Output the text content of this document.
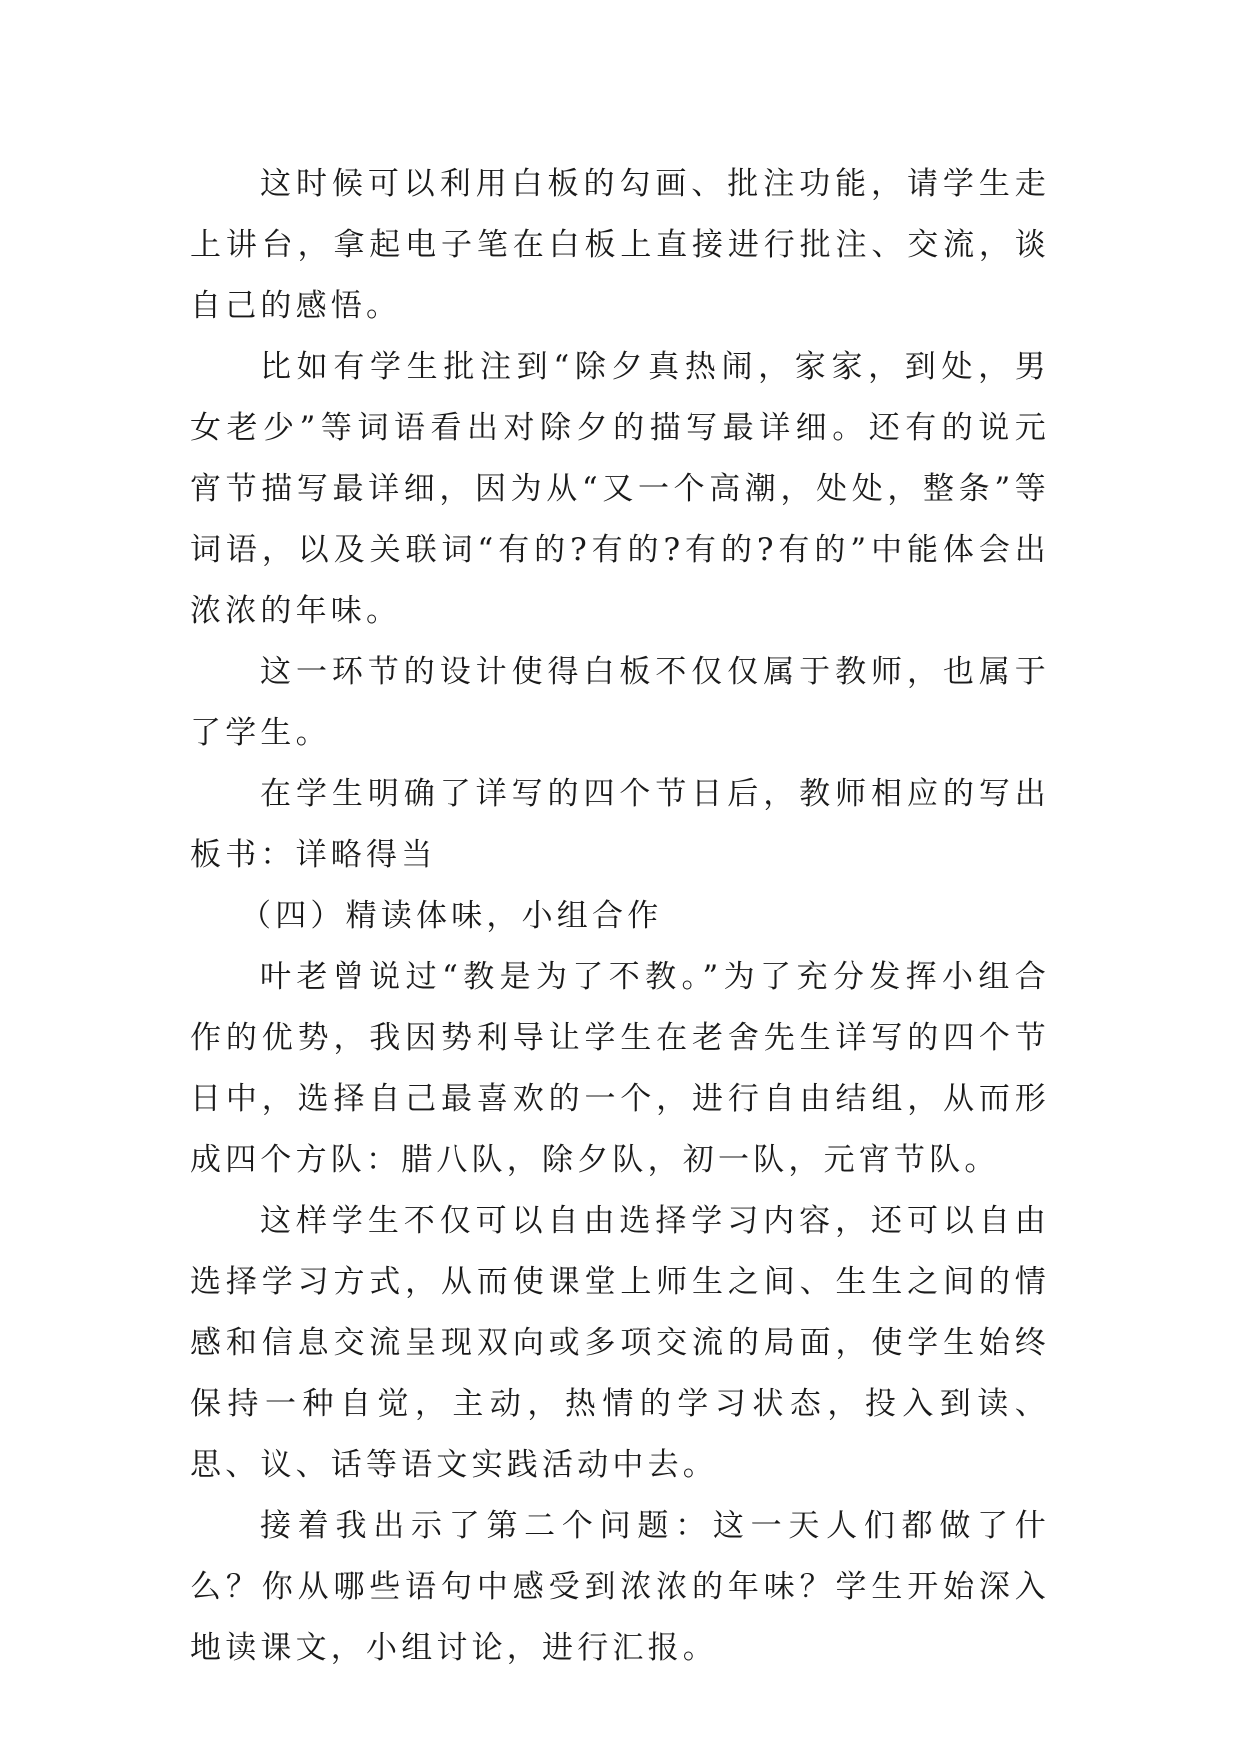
这时候可以利用白板的勾画、批注功能，请学生走上讲台，拿起电子笔在白板上直接进行批注、交流，谈自己的感悟。

比如有学生批注到“除夕真热闹，家家，到处，男女老少”等词语看出对除夕的描写最详细。还有的说元宵节描写最详细，因为从“又一个高潮，处处，整条”等词语，以及关联词“有的?有的?有的?有的”中能体会出浓浓的年味。

这一环节的设计使得白板不仅仅属于教师，也属于了学生。

在学生明确了详写的四个节日后，教师相应的写出板书：详略得当

（四）精读体味，小组合作

叶老曾说过“教是为了不教。”为了充分发挥小组合作的优势，我因势利导让学生在老舍先生详写的四个节日中，选择自己最喜欢的一个，进行自由结组，从而形成四个方队：腊八队，除夕队，初一队，元宵节队。

这样学生不仅可以自由选择学习内容，还可以自由选择学习方式，从而使课堂上师生之间、生生之间的情感和信息交流呈现双向或多项交流的局面，使学生始终保持一种自觉，主动，热情的学习状态，投入到读、思、议、话等语文实践活动中去。

接着我出示了第二个问题：这一天人们都做了什么？你从哪些语句中感受到浓浓的年味？学生开始深入地读课文，小组讨论，进行汇报。
